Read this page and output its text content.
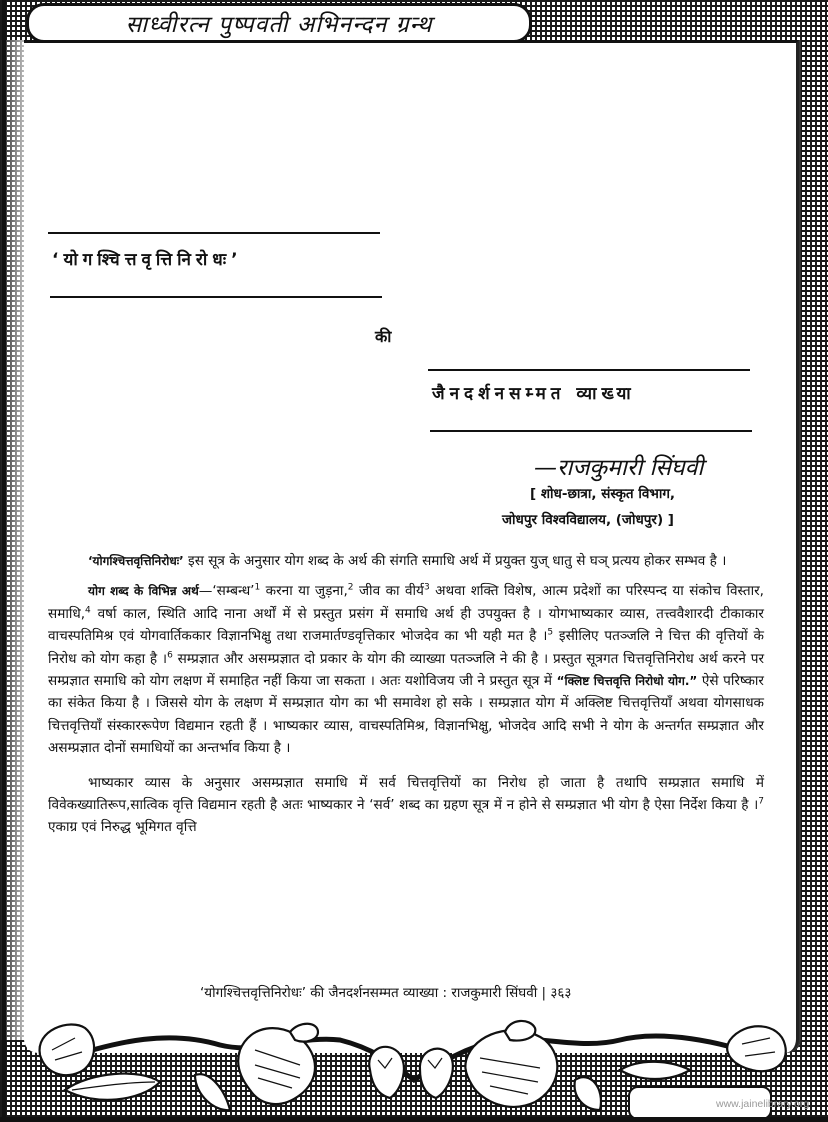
साध्वीरत्न पुष्पवती अभिनन्दन ग्रन्थ
‘योगश्चित्तवृत्तिनिरोधः’
की
जैनदर्शनसम्मत व्याख्या
—राजकुमारी सिंघवी
[ शोध-छात्रा, संस्कृत विभाग,
जोधपुर विश्वविद्यालय, (जोधपुर) ]

‘योगश्चित्तवृत्तिनिरोधः’ इस सूत्र के अनुसार योग शब्द के अर्थ की संगति समाधि अर्थ में प्रयुक्त युज् धातु से घञ् प्रत्यय होकर सम्भव है ।

योग शब्द के विभिन्न अर्थ—‘सम्बन्ध’$^1$ करना या जुड़ना,$^2$ जीव का वीर्य$^3$ अथवा शक्ति विशेष, आत्म प्रदेशों का परिस्पन्द या संकोच विस्तार, समाधि,$^4$ वर्षा काल, स्थिति आदि नाना अर्थों में से प्रस्तुत प्रसंग में समाधि अर्थ ही उपयुक्त है । योगभाष्यकार व्यास, तत्त्ववैशारदी टीकाकार वाचस्पतिमिश्र एवं योगवार्तिककार विज्ञानभिक्षु तथा राजमार्तण्डवृत्तिकार भोजदेव का भी यही मत है ।$^5$ इसीलिए पतञ्जलि ने चित्त की वृत्तियों के निरोध को योग कहा है ।$^6$ सम्प्रज्ञात और असम्प्रज्ञात दो प्रकार के योग की व्याख्या पतञ्जलि ने की है । प्रस्तुत सूत्रगत चित्तवृत्तिनिरोध अर्थ करने पर सम्प्रज्ञात समाधि को योग लक्षण में समाहित नहीं किया जा सकता । अतः यशोविजय जी ने प्रस्तुत सूत्र में “क्लिष्ट चित्तवृत्ति निरोधो योग.” ऐसे परिष्कार का संकेत किया है । जिससे योग के लक्षण में सम्प्रज्ञात योग का भी समावेश हो सके । सम्प्रज्ञात योग में अक्लिष्ट चित्तवृत्तियाँ अथवा योगसाधक चित्तवृत्तियाँ संस्काररूपेण विद्यमान रहती हैं । भाष्यकार व्यास, वाचस्पतिमिश्र, विज्ञानभिक्षु, भोजदेव आदि सभी ने योग के अन्तर्गत सम्प्रज्ञात और असम्प्रज्ञात दोनों समाधियों का अन्तर्भाव किया है ।

भाष्यकार व्यास के अनुसार असम्प्रज्ञात समाधि में सर्व चित्तवृत्तियों का निरोध हो जाता है तथापि सम्प्रज्ञात समाधि में विवेकख्यातिरूप,सात्विक वृत्ति विद्यमान रहती है अतः भाष्यकार ने ‘सर्व’ शब्द का ग्रहण सूत्र में न होने से सम्प्रज्ञात भी योग है ऐसा निर्देश किया है ।$^7$ एकाग्र एवं निरुद्ध भूमिगत वृत्ति

‘योगश्चित्तवृत्तिनिरोधः’ की जैनदर्शनसम्मत व्याख्या : राजकुमारी सिंघवी | ३६३
www.jainelibrary.org
